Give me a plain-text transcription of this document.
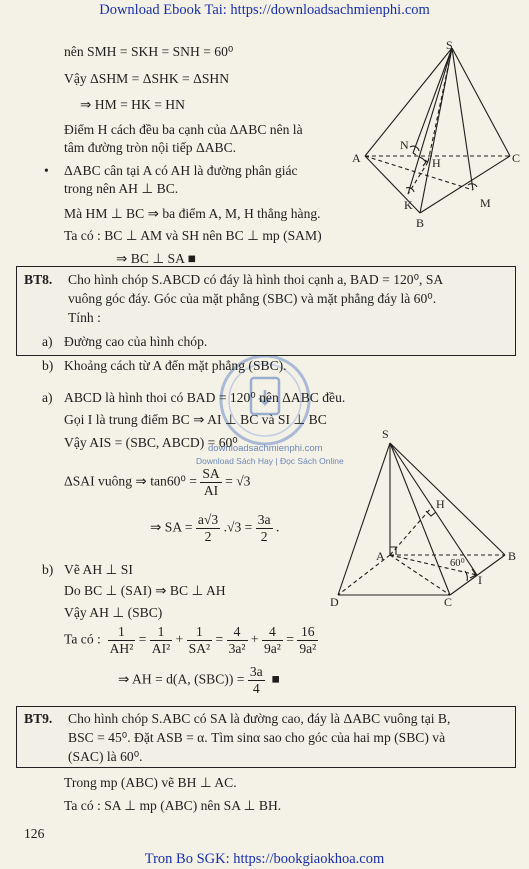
Download Ebook Tai: https://downloadsachmienphi.com
downloadsachmienphi.com
Download Sách Hay | Đọc Sách Online
nên SMH = SKH = SNH = 60⁰
Vậy ΔSHM = ΔSHK = ΔSHN
⇒ HM = HK = HN
Điểm H cách đều ba cạnh của ΔABC nên là
tâm đường tròn nội tiếp ΔABC.
• ΔABC cân tại A có AH là đường phân giác
trong nên AH ⊥ BC.
Mà HM ⊥ BC ⇒ ba điểm A, M, H thẳng hàng.
Ta có : BC ⊥ AM và SH nên BC ⊥ mp (SAM)
⇒ BC ⊥ SA ■
S
A	C
B
N
H
K	M
BT8. Cho hình chóp S.ABCD có đáy là hình thoi cạnh a, BAD = 120⁰, SA
vuông góc đáy. Góc của mặt phẳng (SBC) và mặt phẳng đáy là 60⁰.
Tính :
a) Đường cao của hình chóp.
b) Khoảng cách từ A đến mặt phẳng (SBC).
a) ABCD là hình thoi có BAD = 120⁰ nên ΔABC đều.
Gọi I là trung điểm BC ⇒ AI ⊥ BC và SI ⊥ BC
Vậy AIS = (SBC, ABCD) = 60⁰
ΔSAI vuông ⇒ $\tan 60^0 = \frac{SA}{AI} = √3$
⇒ SA = $\frac{a√3}{2} .√3 = \frac{3a}{2}$ .
b) Vẽ AH ⊥ SI
Do BC ⊥ (SAI) ⇒ BC ⊥ AH
Vậy AH ⊥ (SBC)
Ta có : $\frac{1}{\text{AH²}} = \frac{1}{\text{AI²}} + \frac{1}{\text{SA²}} = \frac{4}{\text{3a²}} + \frac{4}{\text{9a²}} = \frac{16}{\text{9a²}}$
⇒ AH = d(A, $(SBC)) = \frac{3a}{4}$ ■
S
H
A	B
D	C
I
60⁰
BT9. Cho hình chóp S.ABC có SA là đường cao, đáy là ΔABC vuông tại B,
BSC = 45⁰. Đặt ASB = α. Tìm sinα sao cho góc của hai mp (SBC) và
(SAC) là 60⁰.
Trong mp (ABC) vẽ BH ⊥ AC.
Ta có : SA ⊥ mp (ABC) nên SA ⊥ BH.
126
Tron Bo SGK: https://bookgiaokhoa.com
